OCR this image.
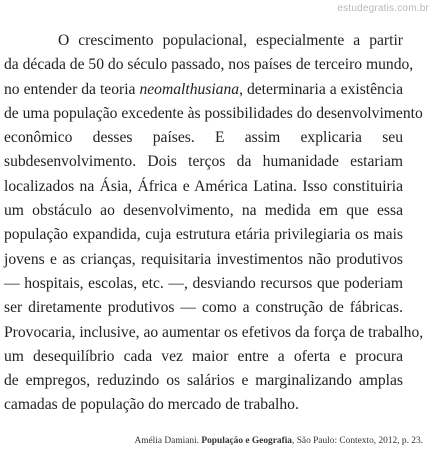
estudegratis.com.br
O crescimento populacional, especialmente a partir
da década de 50 do século passado, nos países de terceiro mundo,
no entender da teoria neomalthusiana, determinaria a existência
de uma população excedente às possibilidades do desenvolvimento
econômico desses países. E assim explicaria seu
subdesenvolvimento. Dois terços da humanidade estariam
localizados na Ásia, África e América Latina. Isso constituiria
um obstáculo ao desenvolvimento, na medida em que essa
população expandida, cuja estrutura etária privilegiaria os mais
jovens e as crianças, requisitaria investimentos não produtivos
— hospitais, escolas, etc. —, desviando recursos que poderiam
ser diretamente produtivos — como a construção de fábricas.
Provocaria, inclusive, ao aumentar os efetivos da força de trabalho,
um desequilíbrio cada vez maior entre a oferta e procura
de empregos, reduzindo os salários e marginalizando amplas
camadas de população do mercado de trabalho.
Amélia Damiani. População e Geografia, São Paulo: Contexto, 2012, p. 23.
